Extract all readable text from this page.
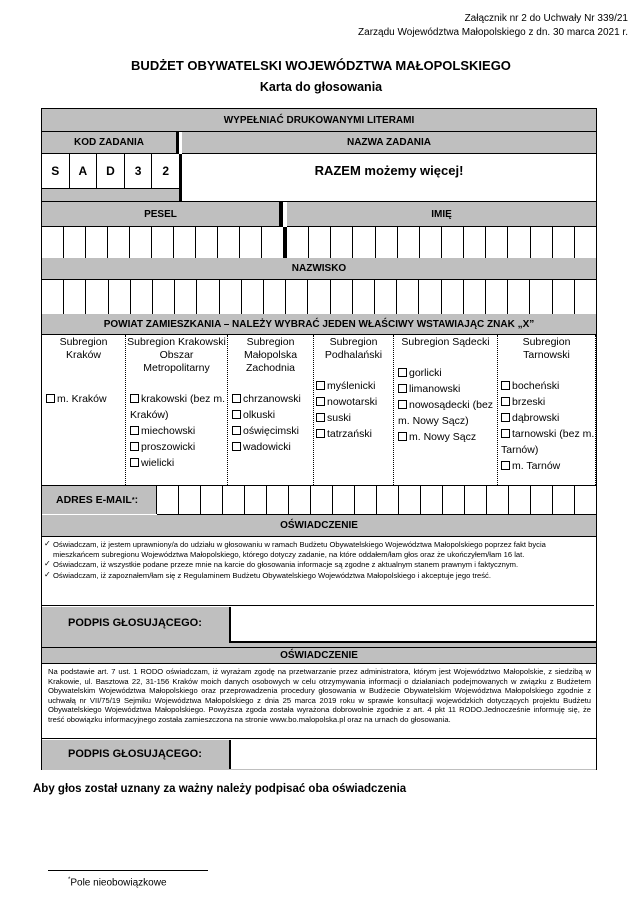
Załącznik nr 2 do Uchwały Nr 339/21
Zarządu Województwa Małopolskiego z dn. 30 marca 2021 r.
BUDŻET OBYWATELSKI WOJEWÓDZTWA MAŁOPOLSKIEGO
Karta do głosowania
WYPEŁNIAĆ DRUKOWANYMI LITERAMI
KOD ZADANIA	NAZWA ZADANIA
S	A	D	3	2	RAZEM możemy więcej!
PESEL	IMIĘ
NAZWISKO
POWIAT ZAMIESZKANIA – NALEŻY WYBRAĆ JEDEN WŁAŚCIWY WSTAWIAJĄC ZNAK „X”
Subregion Kraków
m. Kraków
Subregion Krakowski Obszar Metropolitarny
krakowski (bez m. Kraków)
miechowski
proszowicki
wielicki
Subregion Małopolska Zachodnia
chrzanowski
olkuski
oświęcimski
wadowicki
Subregion Podhalański
myślenicki
nowotarski
suski
tatrzański
Subregion Sądecki
gorlicki
limanowski
nowosądecki (bez m. Nowy Sącz)
m. Nowy Sącz
Subregion Tarnowski
bocheński
brzeski
dąbrowski
tarnowski (bez m. Tarnów)
m. Tarnów
ADRES E-MAIL * :
OŚWIADCZENIE
✓ Oświadczam, iż jestem uprawniony/a do udziału w głosowaniu w ramach Budżetu Obywatelskiego Województwa Małopolskiego poprzez fakt bycia mieszkańcem subregionu Województwa Małopolskiego, którego dotyczy zadanie, na które oddałem/łam głos oraz że ukończyłem/łam 16 lat.
✓ Oświadczam, iż wszystkie podane przeze mnie na karcie do głosowania informacje są zgodne z aktualnym stanem prawnym i faktycznym.
✓ Oświadczam, iż zapoznałem/łam się z Regulaminem Budżetu Obywatelskiego Województwa Małopolskiego i akceptuje jego treść.
PODPIS GŁOSUJĄCEGO:
OŚWIADCZENIE
Na podstawie art. 7 ust. 1 RODO oświadczam, iż wyrażam zgodę na przetwarzanie przez administratora, którym jest Województwo Małopolskie, z siedzibą w Krakowie, ul. Basztowa 22, 31-156 Kraków moich danych osobowych w celu otrzymywania informacji o działaniach podejmowanych w związku z Budżetem Obywatelskim Województwa Małopolskiego oraz przeprowadzenia procedury głosowania w Budżecie Obywatelskim Województwa Małopolskiego zgodnie z uchwałą nr VII/75/19 Sejmiku Województwa Małopolskiego z dnia 25 marca 2019 roku w sprawie konsultacji wojewódzkich dotyczących projektu Budżetu Obywatelskiego Województwa Małopolskiego. Powyższa zgoda została wyrażona dobrowolnie zgodnie z art. 4 pkt 11 RODO.Jednocześnie informuję się, że treść obowiązku informacyjnego została zamieszczona na stronie www.bo.malopolska.pl oraz na urnach do głosowania.
PODPIS GŁOSUJĄCEGO:
Aby głos został uznany za ważny należy podpisać oba oświadczenia
*Pole nieobowiązkowe
